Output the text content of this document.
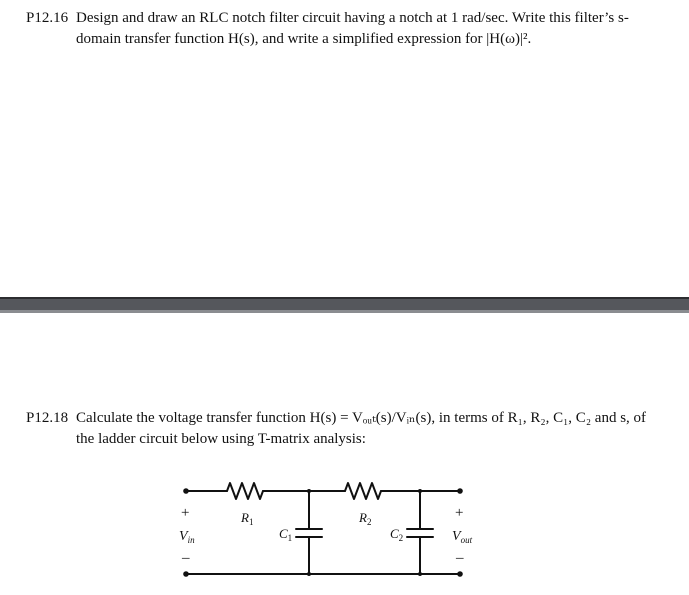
P12.16 Design and draw an RLC notch filter circuit having a notch at 1 rad/sec. Write this filter’s s-
domain transfer function H(s), and write a simplified expression for |H(ω)|².
P12.18 Calculate the voltage transfer function H(s) = Vₒᵤₜ(s)/Vᵢₙ(s), in terms of R₁, R₂, C₁, C₂ and s, of
the ladder circuit below using T-matrix analysis:
$R_1$	$R_2$
$C_1$	$C_2$
+
$V_{in}$
–
+
$V_{out}$
–
